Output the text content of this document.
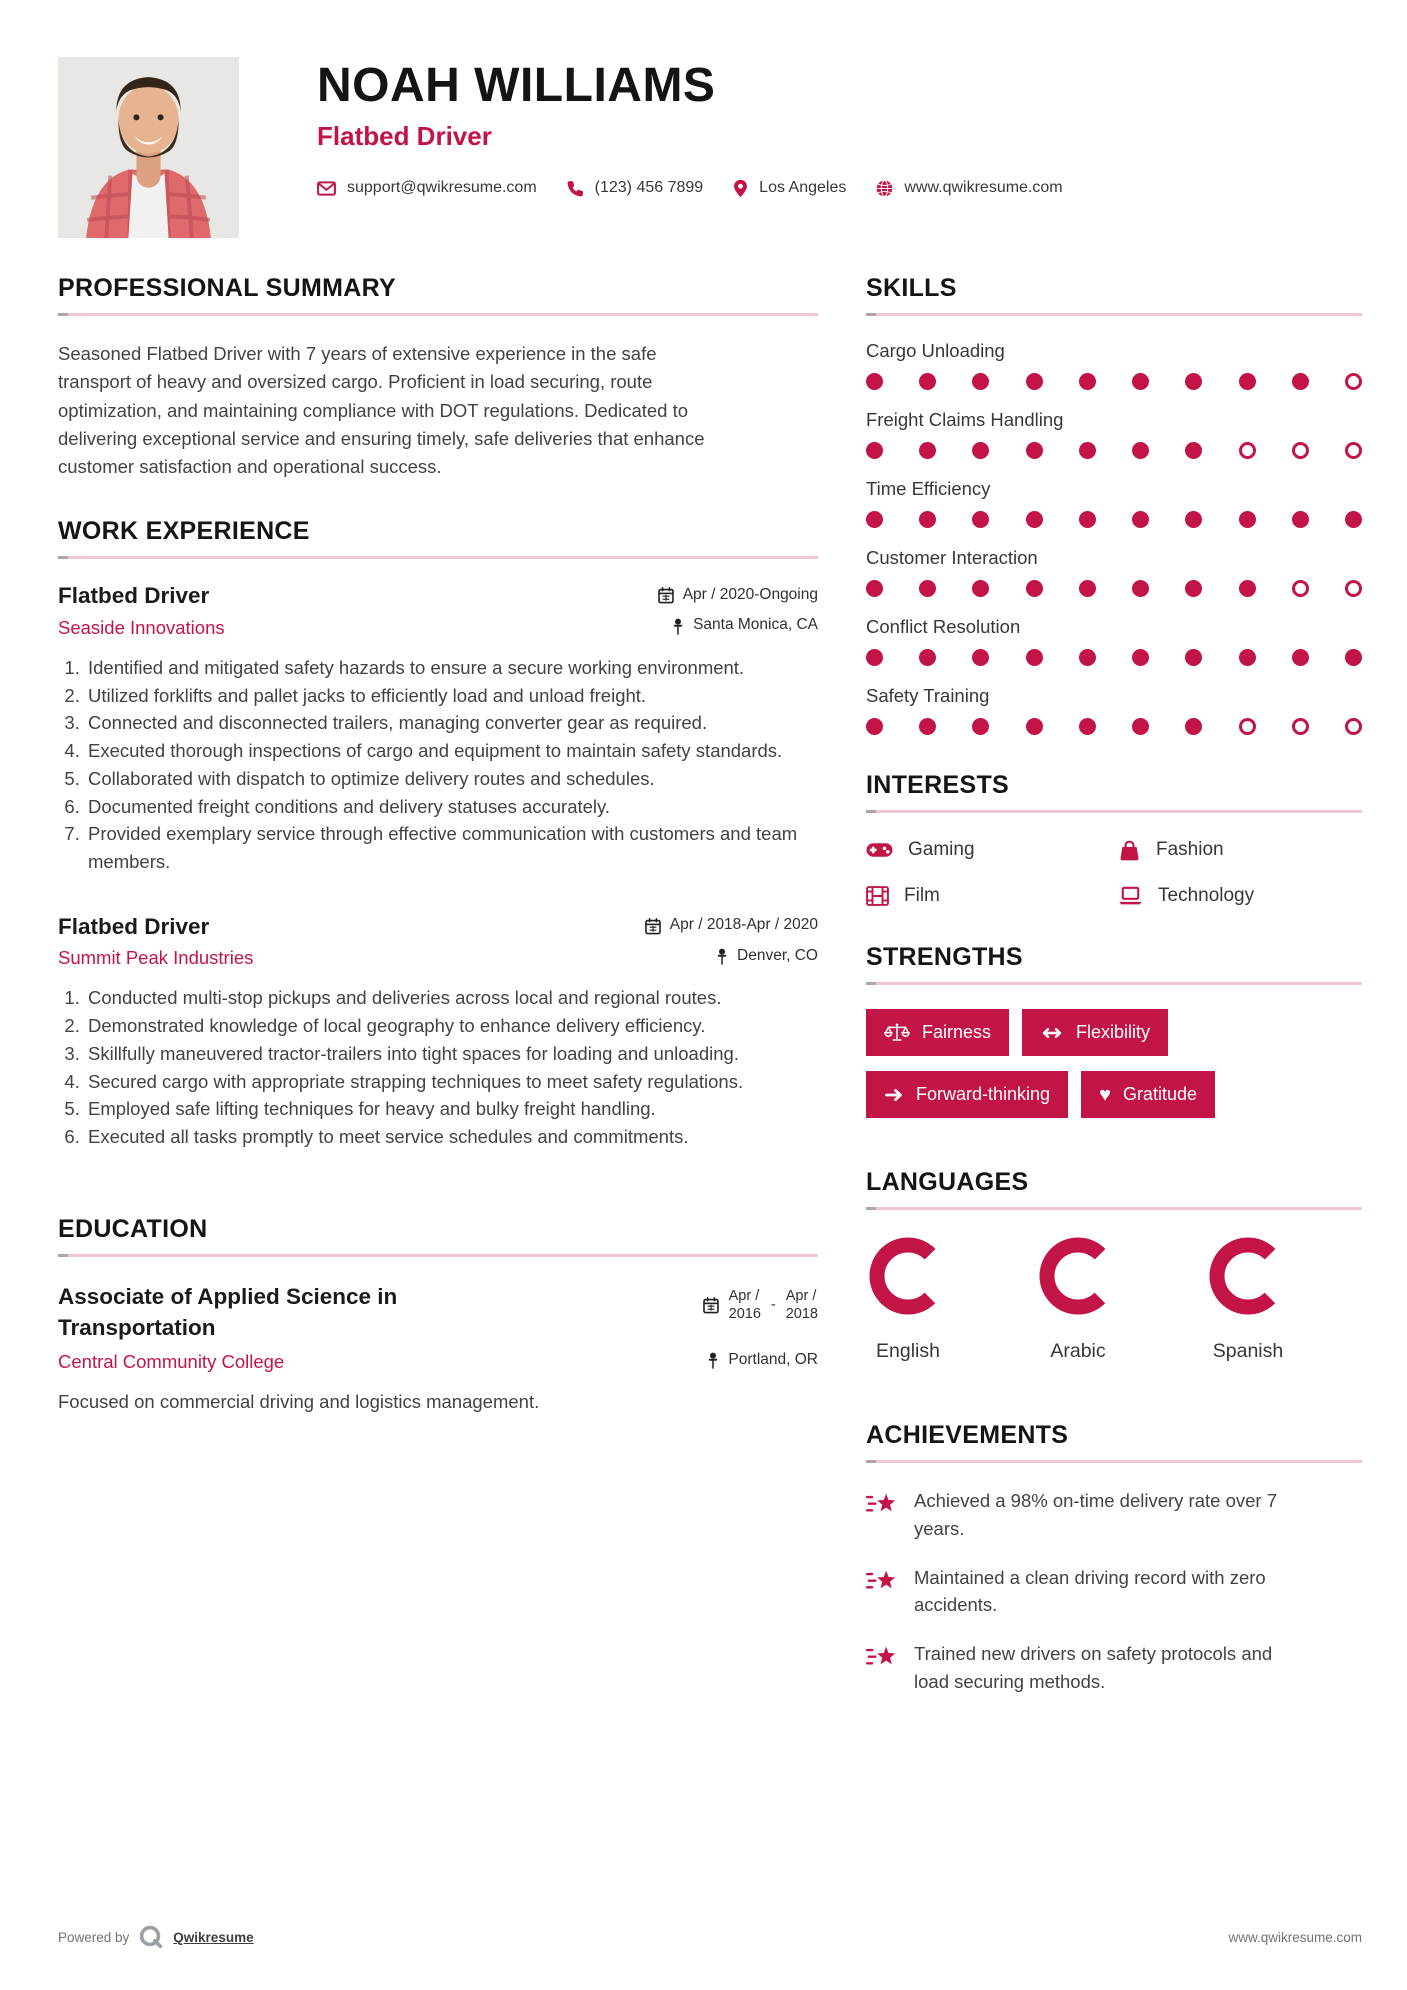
NOAH WILLIAMS
Flatbed Driver
support@qwikresume.com	(123) 456 7899	Los Angeles	www.qwikresume.com
PROFESSIONAL SUMMARY

Seasoned Flatbed Driver with 7 years of extensive experience in the safe transport of heavy and oversized cargo. Proficient in load securing, route optimization, and maintaining compliance with DOT regulations. Dedicated to delivering exceptional service and ensuring timely, safe deliveries that enhance customer satisfaction and operational success.

WORK EXPERIENCE
Flatbed Driver	Apr / 2020-Ongoing
Seaside Innovations	Santa Monica, CA
1. Identified and mitigated safety hazards to ensure a secure working environment.
2. Utilized forklifts and pallet jacks to efficiently load and unload freight.
3. Connected and disconnected trailers, managing converter gear as required.
4. Executed thorough inspections of cargo and equipment to maintain safety standards.
5. Collaborated with dispatch to optimize delivery routes and schedules.
6. Documented freight conditions and delivery statuses accurately.
7. Provided exemplary service through effective communication with customers and team members.
Flatbed Driver	Apr / 2018-Apr / 2020
Summit Peak Industries	Denver, CO
1. Conducted multi-stop pickups and deliveries across local and regional routes.
2. Demonstrated knowledge of local geography to enhance delivery efficiency.
3. Skillfully maneuvered tractor-trailers into tight spaces for loading and unloading.
4. Secured cargo with appropriate strapping techniques to meet safety regulations.
5. Employed safe lifting techniques for heavy and bulky freight handling.
6. Executed all tasks promptly to meet service schedules and commitments.
EDUCATION
Associate of Applied Science in Transportation
Apr /
2016
-
Apr /
2018
Central Community College	Portland, OR

Focused on commercial driving and logistics management.

SKILLS
Cargo Unloading
Freight Claims Handling
Time Efficiency
Customer Interaction
Conflict Resolution
Safety Training
INTERESTS
Gaming	Fashion
Film	Technology
STRENGTHS
Fairness	Flexibility
Forward-thinking ♥ Gratitude
LANGUAGES
English	Arabic	Spanish
ACHIEVEMENTS
Achieved a 98% on-time delivery rate over 7 years.
Maintained a clean driving record with zero accidents.
Trained new drivers on safety protocols and load securing methods.
Powered by	Qwikresume	www.qwikresume.com
